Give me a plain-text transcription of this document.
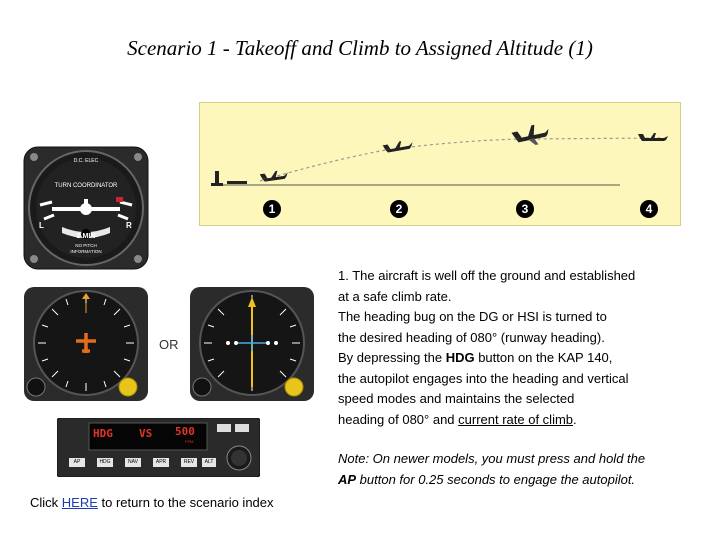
Scenario 1 - Takeoff and Climb to Assigned Altitude (1)
1	2	3	4
D.C. ELEC
TURN COORDINATOR
L	R
2 MIN
NO PITCH INFORMATION
OR
HDG VS 500
FPM
AP	HDG	NAV	APR	REV	ALT

1. The aircraft is well off the ground and established

at a safe climb rate.

The heading bug on the DG or HSI is turned to

the desired heading of 080° (runway heading).

By depressing the HDG button on the KAP 140,

the autopilot engages into the heading and vertical

speed modes and maintains the selected

heading of 080° and current rate of climb.

Note: On newer models, you must press and hold the

AP button for 0.25 seconds to engage the autopilot.

Click HERE to return to the scenario index
